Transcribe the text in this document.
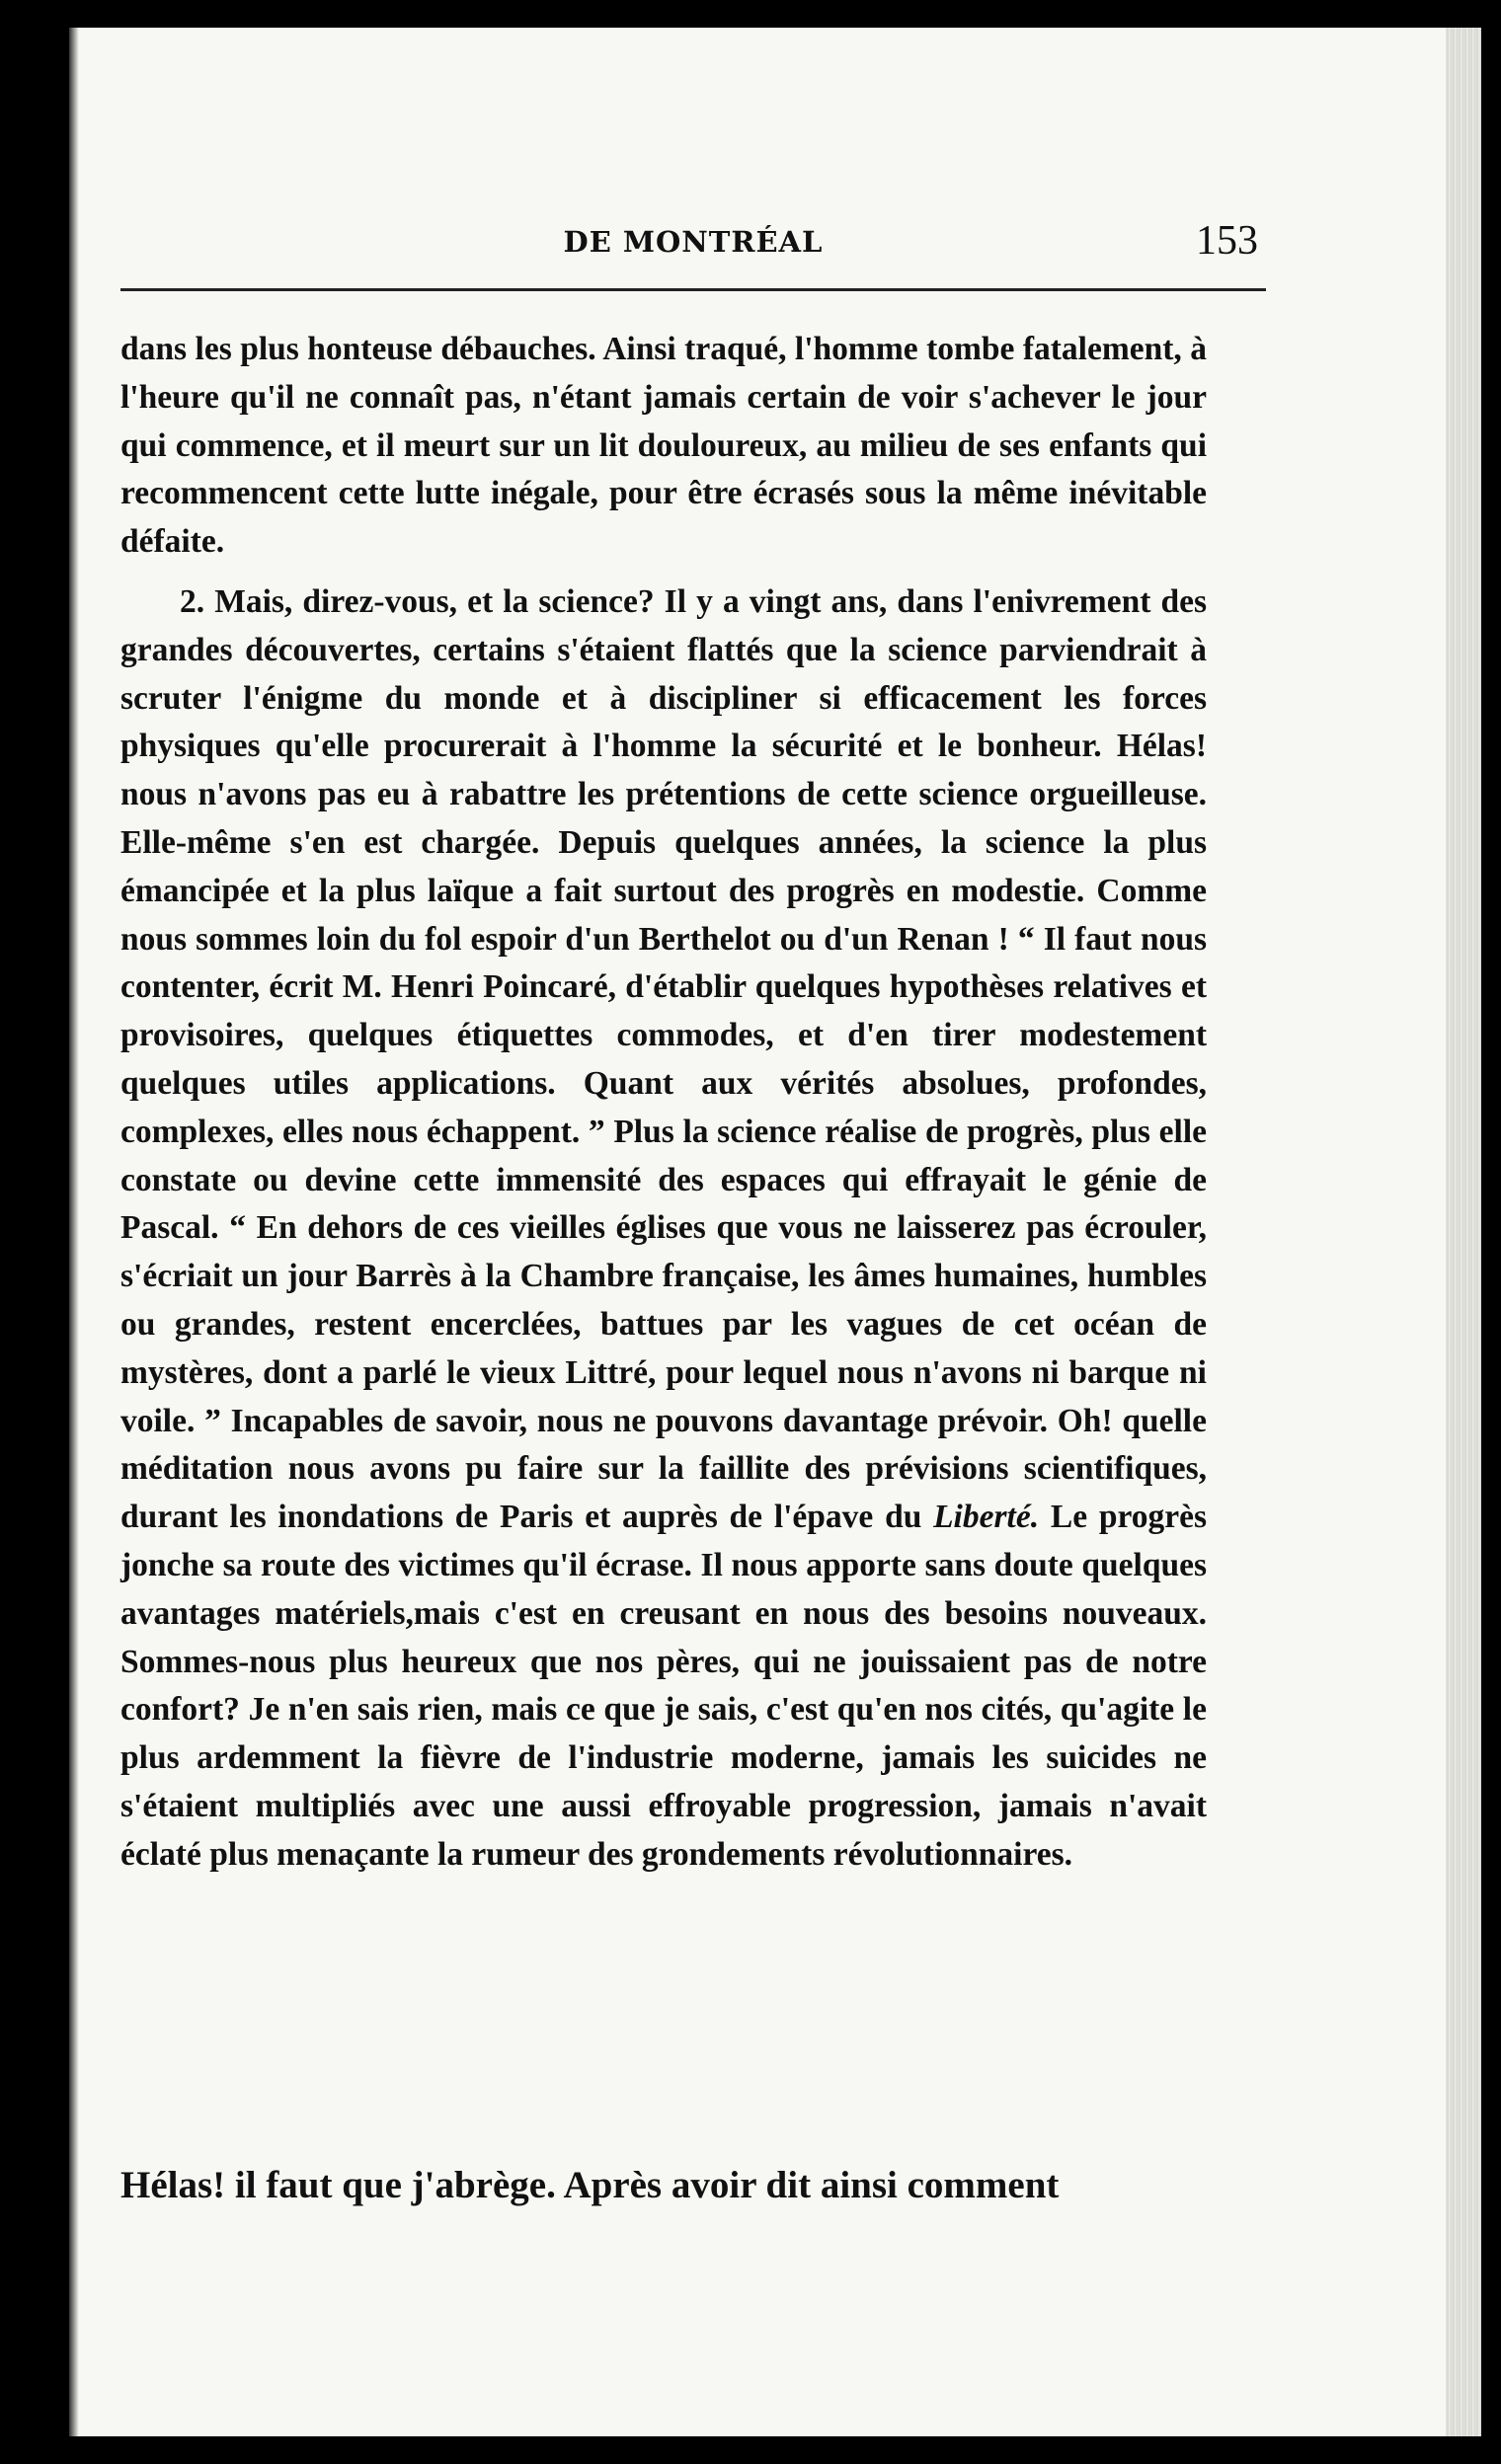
DE MONTRÉAL	153

dans les plus honteuse débauches. Ainsi traqué, l'homme tombe fatalement, à l'heure qu'il ne connaît pas, n'étant jamais certain de voir s'achever le jour qui commence, et il meurt sur un lit douloureux, au milieu de ses enfants qui recommencent cette lutte inégale, pour être écrasés sous la même inévitable défaite.

2. Mais, direz-vous, et la science? Il y a vingt ans, dans l'enivrement des grandes découvertes, certains s'étaient flattés que la science parviendrait à scruter l'énigme du monde et à discipliner si efficacement les forces physiques qu'elle procurerait à l'homme la sécurité et le bonheur. Hélas! nous n'avons pas eu à rabattre les prétentions de cette science orgueilleuse. Elle-même s'en est chargée. Depuis quelques années, la science la plus émancipée et la plus laïque a fait surtout des progrès en modestie. Comme nous sommes loin du fol espoir d'un Berthelot ou d'un Renan ! “ Il faut nous contenter, écrit M. Henri Poincaré, d'établir quelques hypothèses relatives et provisoires, quelques étiquettes commodes, et d'en tirer modestement quelques utiles applications. Quant aux vérités absolues, profondes, complexes, elles nous échappent. ” Plus la science réalise de progrès, plus elle constate ou devine cette immensité des espaces qui effrayait le génie de Pascal. “ En dehors de ces vieilles églises que vous ne laisserez pas écrouler, s'écriait un jour Barrès à la Chambre française, les âmes humaines, humbles ou grandes, restent encerclées, battues par les vagues de cet océan de mystères, dont a parlé le vieux Littré, pour lequel nous n'avons ni barque ni voile. ” Incapables de savoir, nous ne pouvons davantage prévoir. Oh! quelle méditation nous avons pu faire sur la faillite des prévisions scientifiques, durant les inondations de Paris et auprès de l'épave du Liberté. Le progrès jonche sa route des victimes qu'il écrase. Il nous apporte sans doute quelques avantages matériels,mais c'est en creusant en nous des besoins nouveaux. Sommes-nous plus heureux que nos pères, qui ne jouissaient pas de notre confort? Je n'en sais rien, mais ce que je sais, c'est qu'en nos cités, qu'agite le plus ardemment la fièvre de l'industrie moderne, jamais les suicides ne s'étaient multipliés avec une aussi effroyable progression, jamais n'avait éclaté plus menaçante la rumeur des grondements révolutionnaires.

Hélas! il faut que j'abrège. Après avoir dit ainsi comment
